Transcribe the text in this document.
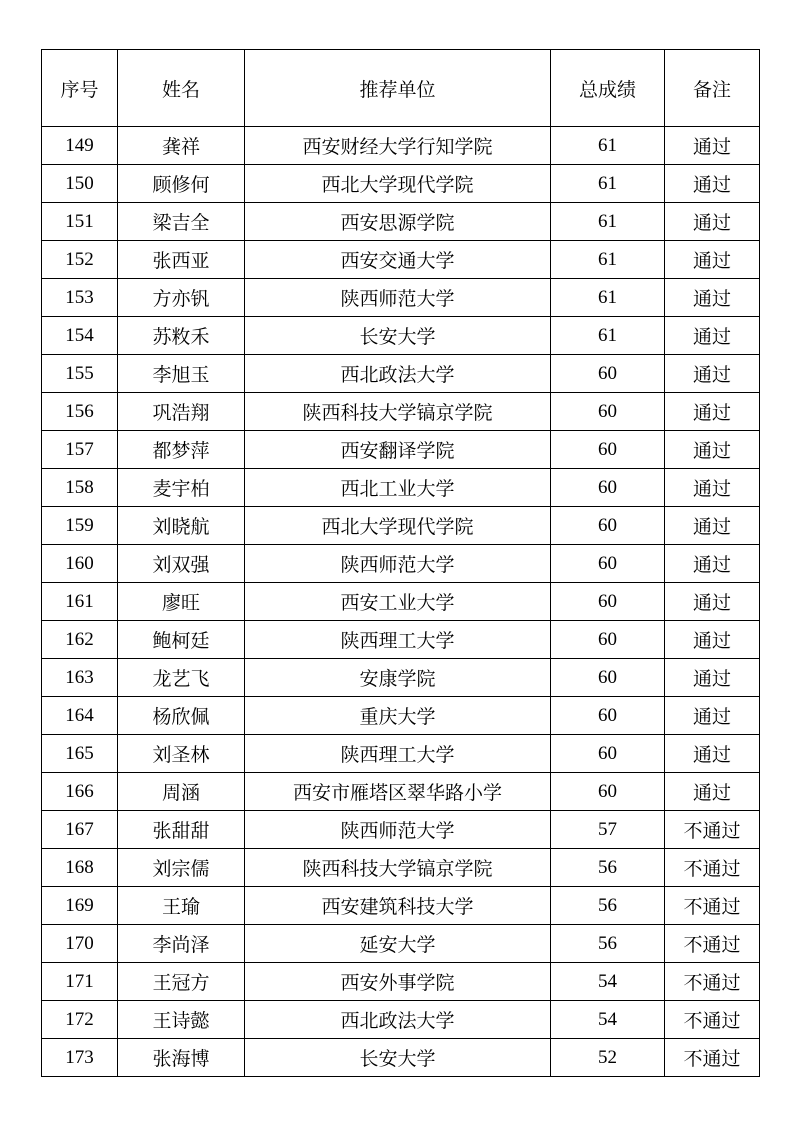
序号	姓名	推荐单位	总成绩	备注
149	龚祥	西安财经大学行知学院	61	通过
150	顾修何	西北大学现代学院	61	通过
151	梁吉全	西安思源学院	61	通过
152	张西亚	西安交通大学	61	通过
153	方亦钒	陕西师范大学	61	通过
154	苏敉禾	长安大学	61	通过
155	李旭玉	西北政法大学	60	通过
156	巩浩翔	陕西科技大学镐京学院	60	通过
157	都梦萍	西安翻译学院	60	通过
158	麦宇柏	西北工业大学	60	通过
159	刘晓航	西北大学现代学院	60	通过
160	刘双强	陕西师范大学	60	通过
161	廖旺	西安工业大学	60	通过
162	鲍柯廷	陕西理工大学	60	通过
163	龙艺飞	安康学院	60	通过
164	杨欣佩	重庆大学	60	通过
165	刘圣林	陕西理工大学	60	通过
166	周涵	西安市雁塔区翠华路小学	60	通过
167	张甜甜	陕西师范大学	57	不通过
168	刘宗儒	陕西科技大学镐京学院	56	不通过
169	王瑜	西安建筑科技大学	56	不通过
170	李尚泽	延安大学	56	不通过
171	王冠方	西安外事学院	54	不通过
172	王诗懿	西北政法大学	54	不通过
173	张海博	长安大学	52	不通过
